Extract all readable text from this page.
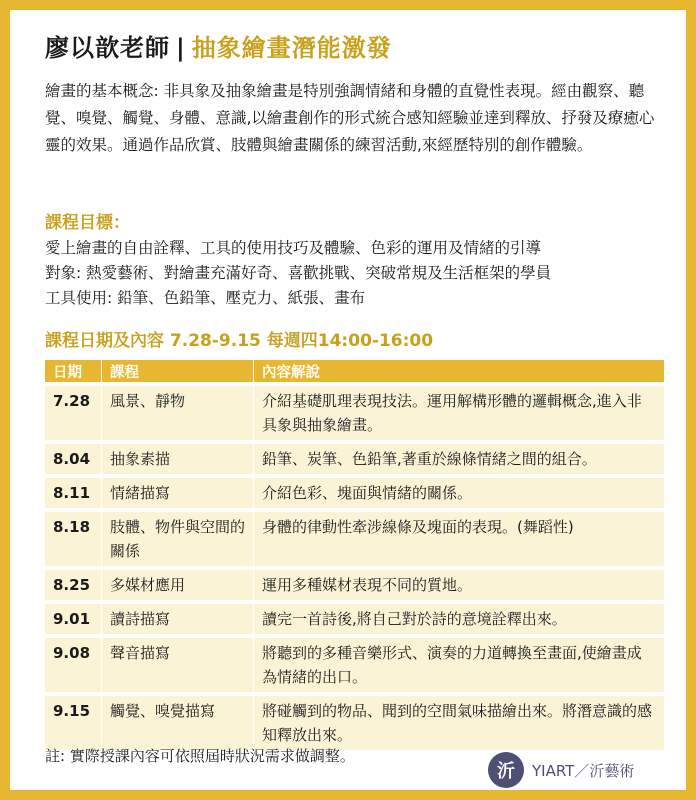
廖以歆老師 | 抽象繪畫潛能激發
繪畫的基本概念: 非具象及抽象繪畫是特別強調情緒和身體的直覺性表現。經由觀察、聽覺、嗅覺、觸覺、身體、意識,以繪畫創作的形式統合感知經驗並達到釋放、抒發及療癒心靈的效果。通過作品欣賞、肢體與繪畫關係的練習活動,來經歷特別的創作體驗。
課程目標：
愛上繪畫的自由詮釋、工具的使用技巧及體驗、色彩的運用及情緒的引導
對象: 熱愛藝術、對繪畫充滿好奇、喜歡挑戰、突破常規及生活框架的學員
工具使用: 鉛筆、色鉛筆、壓克力、紙張、畫布
課程日期及內容 7.28-9.15 每週四14:00-16:00
日期	課程	內容解說
7.28	風景、靜物	介紹基礎肌理表現技法。運用解構形體的邏輯概念,進入非具象與抽象繪畫。
8.04	抽象素描	鉛筆、炭筆、色鉛筆,著重於線條情緒之間的組合。
8.11	情緒描寫	介紹色彩、塊面與情緒的關係。
8.18	肢體、物件與空間的關係	身體的律動性牽涉線條及塊面的表現。(舞蹈性)
8.25	多媒材應用	運用多種媒材表現不同的質地。
9.01	讀詩描寫	讀完一首詩後,將自己對於詩的意境詮釋出來。
9.08	聲音描寫	將聽到的多種音樂形式、演奏的力道轉換至畫面,使繪畫成為情緒的出口。
9.15	觸覺、嗅覺描寫	將碰觸到的物品、聞到的空間氣味描繪出來。將潛意識的感知釋放出來。
註: 實際授課內容可依照屆時狀況需求做調整。
沂	YIART／沂藝術
